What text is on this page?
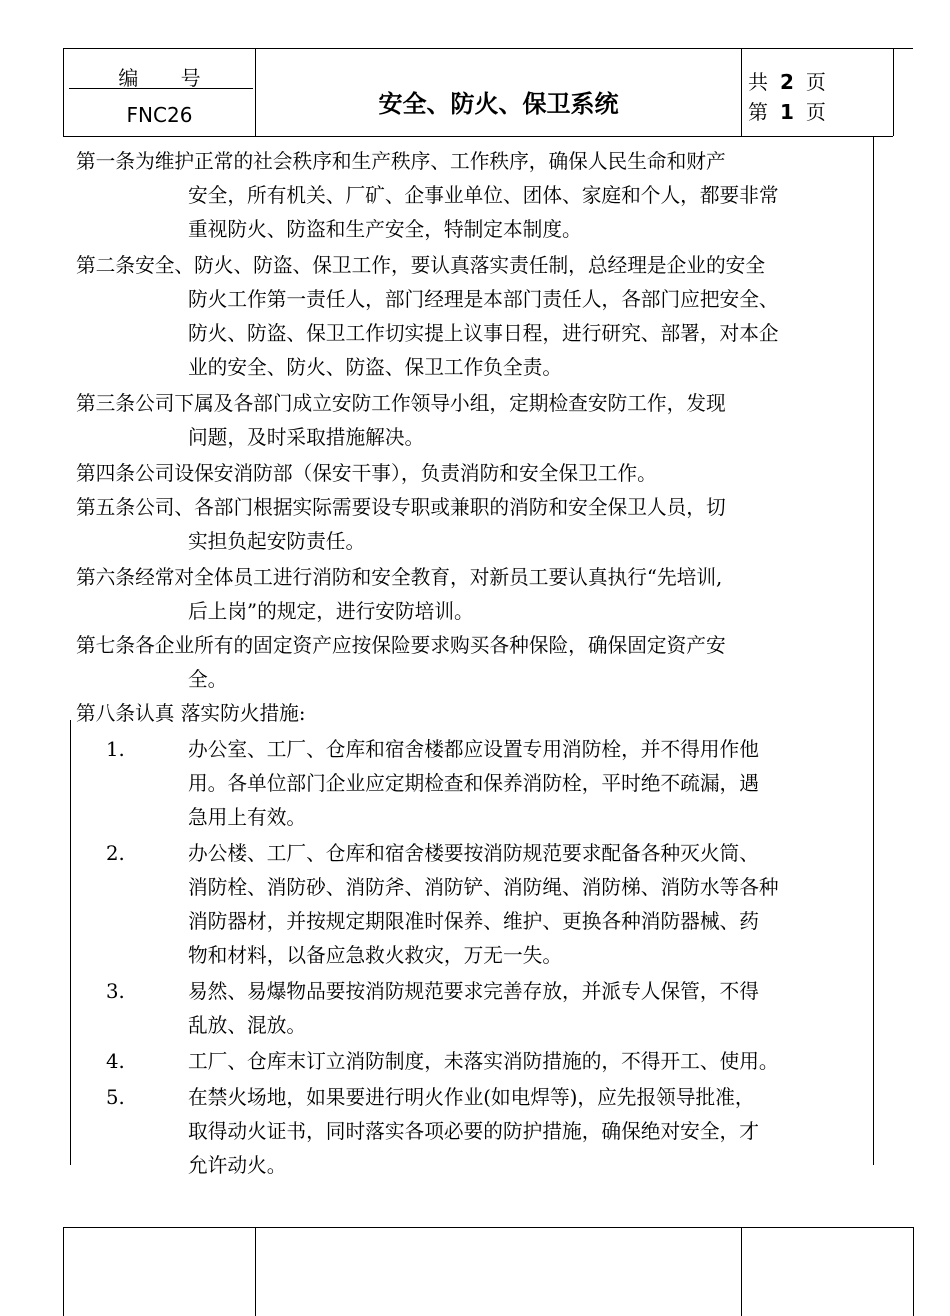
编 号
FNC26	安全、防火、保卫系统
共 2 页
第 1 页
第一条为维护正常的社会秩序和生产秩序、工作秩序，确保人民生命和财产
安全，所有机关、厂矿、企事业单位、团体、家庭和个人，都要非常
重视防火、防盗和生产安全，特制定本制度。
第二条安全、防火、防盗、保卫工作，要认真落实责任制，总经理是企业的安全
防火工作第一责任人，部门经理是本部门责任人，各部门应把安全、
防火、防盗、保卫工作切实提上议事日程，进行研究、部署，对本企
业的安全、防火、防盗、保卫工作负全责。
第三条公司下属及各部门成立安防工作领导小组，定期检查安防工作，发现
问题，及时采取措施解决。
第四条公司设保安消防部（保安干事），负责消防和安全保卫工作。
第五条公司、各部门根据实际需要设专职或兼职的消防和安全保卫人员，切
实担负起安防责任。
第六条经常对全体员工进行消防和安全教育，对新员工要认真执行“先培训,
后上岗”的规定，进行安防培训。
第七条各企业所有的固定资产应按保险要求购买各种保险，确保固定资产安
全。
第八条认真 落实防火措施:
1.	办公室、工厂、仓库和宿舍楼都应设置专用消防栓，并不得用作他
用。各单位部门企业应定期检查和保养消防栓，平时绝不疏漏，遇
急用上有效。
2.	办公楼、工厂、仓库和宿舍楼要按消防规范要求配备各种灭火筒、
消防栓、消防砂、消防斧、消防铲、消防绳、消防梯、消防水等各种
消防器材，并按规定期限准时保养、维护、更换各种消防器械、药
物和材料，以备应急救火救灾，万无一失。
3.	易然、易爆物品要按消防规范要求完善存放，并派专人保管，不得
乱放、混放。
4.	工厂、仓库末订立消防制度，未落实消防措施的，不得开工、使用。
5.	在禁火场地，如果要进行明火作业(如电焊等)，应先报领导批准，
取得动火证书，同时落实各项必要的防护措施，确保绝对安全，才
允许动火。
